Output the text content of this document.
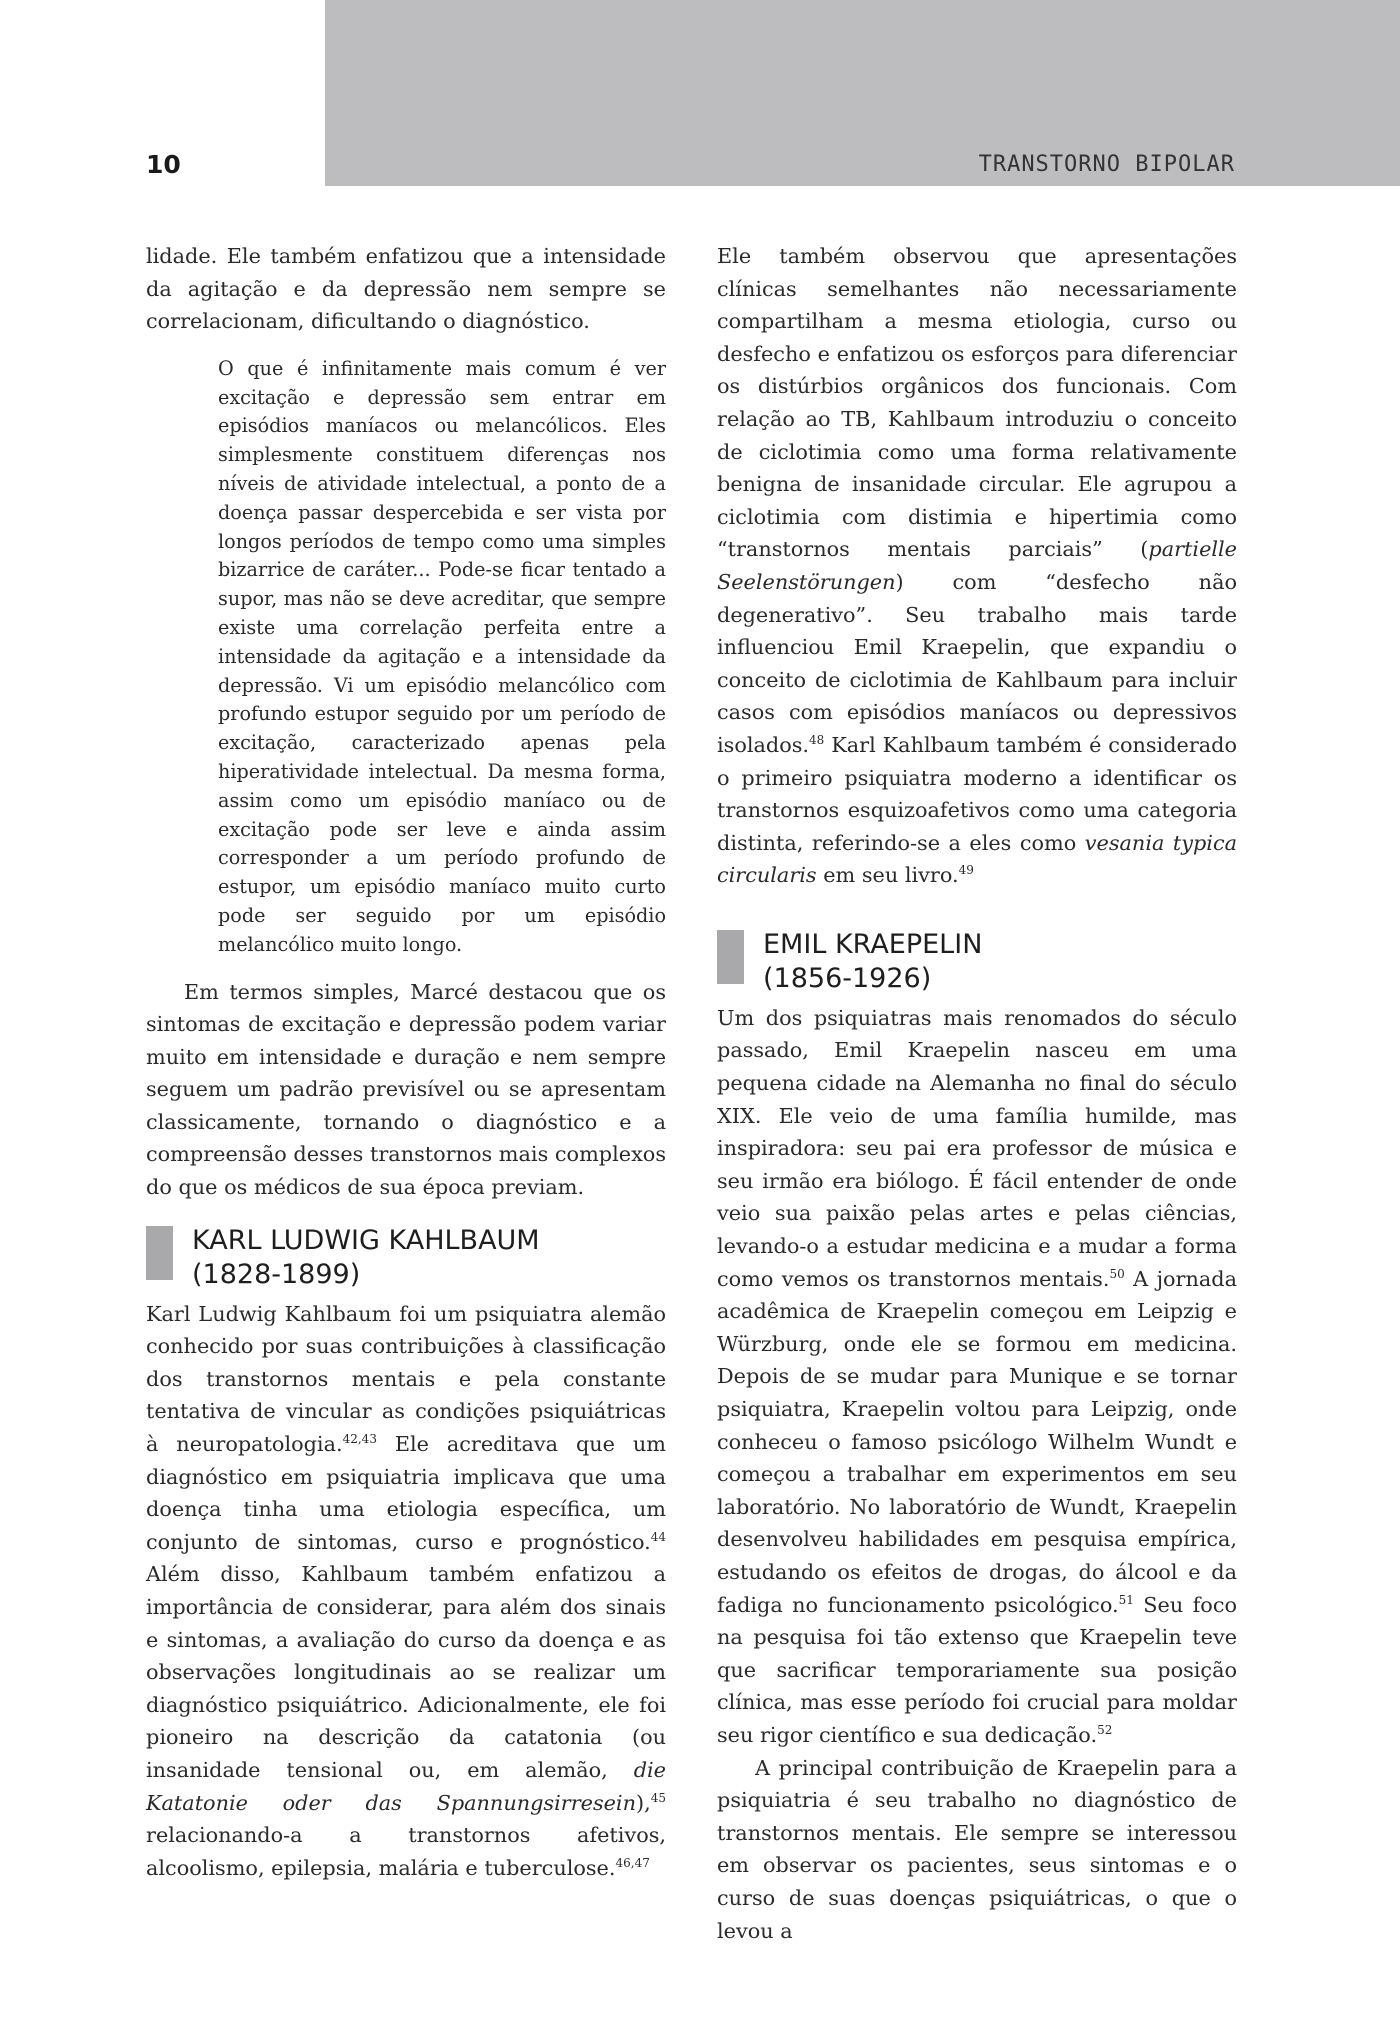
10	TRANSTORNO BIPOLAR

lidade. Ele também enfatizou que a intensidade da agitação e da depressão nem sempre se correlacionam, dificultando o diagnóstico.

O que é infinitamente mais comum é ver excitação e depressão sem entrar em episódios maníacos ou melancólicos. Eles simplesmente constituem diferenças nos níveis de atividade intelectual, a ponto de a doença passar despercebida e ser vista por longos períodos de tempo como uma simples bizarrice de caráter... Pode-se ficar tentado a supor, mas não se deve acreditar, que sempre existe uma correlação perfeita entre a intensidade da agitação e a intensidade da depressão. Vi um episódio melancólico com profundo estupor seguido por um período de excitação, caracterizado apenas pela hiperatividade intelectual. Da mesma forma, assim como um episódio maníaco ou de excitação pode ser leve e ainda assim corresponder a um período profundo de estupor, um episódio maníaco muito curto pode ser seguido por um episódio melancólico muito longo.

Em termos simples, Marcé destacou que os sintomas de excitação e depressão podem variar muito em intensidade e duração e nem sempre seguem um padrão previsível ou se apresentam classicamente, tornando o diagnóstico e a compreensão desses transtornos mais complexos do que os médicos de sua época previam.

KARL LUDWIG KAHLBAUM
(1828-1899)

Karl Ludwig Kahlbaum foi um psiquiatra alemão conhecido por suas contribuições à classificação dos transtornos mentais e pela constante tentativa de vincular as condições psiquiátricas à neuropatologia.$^{42,43}$ Ele acreditava que um diagnóstico em psiquiatria implicava que uma doença tinha uma etiologia específica, um conjunto de sintomas, curso e prognóstico.$^{44}$ Além disso, Kahlbaum também enfatizou a importância de considerar, para além dos sinais e sintomas, a avaliação do curso da doença e as observações longitudinais ao se realizar um diagnóstico psiquiátrico. Adicionalmente, ele foi pioneiro na descrição da catatonia (ou insanidade tensional ou, em alemão, die Katatonie oder das Spannungsirresein),$^{45}$ relacionando-a a transtornos afetivos, alcoolismo, epilepsia, malária e tuberculose.$^{46,47}$

Ele também observou que apresentações clínicas semelhantes não necessariamente compartilham a mesma etiologia, curso ou desfecho e enfatizou os esforços para diferenciar os distúrbios orgânicos dos funcionais. Com relação ao TB, Kahlbaum introduziu o conceito de ciclotimia como uma forma relativamente benigna de insanidade circular. Ele agrupou a ciclotimia com distimia e hipertimia como “transtornos mentais parciais” (partielle Seelenstörungen) com “desfecho não degenerativo”. Seu trabalho mais tarde influenciou Emil Kraepelin, que expandiu o conceito de ciclotimia de Kahlbaum para incluir casos com episódios maníacos ou depressivos isolados.$^{48}$ Karl Kahlbaum também é considerado o primeiro psiquiatra moderno a identificar os transtornos esquizoafetivos como uma categoria distinta, referindo-se a eles como vesania typica circularis em seu livro.$^{49}$

EMIL KRAEPELIN
(1856-1926)

Um dos psiquiatras mais renomados do século passado, Emil Kraepelin nasceu em uma pequena cidade na Alemanha no final do século XIX. Ele veio de uma família humilde, mas inspiradora: seu pai era professor de música e seu irmão era biólogo. É fácil entender de onde veio sua paixão pelas artes e pelas ciências, levando-o a estudar medicina e a mudar a forma como vemos os transtornos mentais.$^{50}$ A jornada acadêmica de Kraepelin começou em Leipzig e Würzburg, onde ele se formou em medicina. Depois de se mudar para Munique e se tornar psiquiatra, Kraepelin voltou para Leipzig, onde conheceu o famoso psicólogo Wilhelm Wundt e começou a trabalhar em experimentos em seu laboratório. No laboratório de Wundt, Kraepelin desenvolveu habilidades em pesquisa empírica, estudando os efeitos de drogas, do álcool e da fadiga no funcionamento psicológico.$^{51}$ Seu foco na pesquisa foi tão extenso que Kraepelin teve que sacrificar temporariamente sua posição clínica, mas esse período foi crucial para moldar seu rigor científico e sua dedicação.$^{52}$

A principal contribuição de Kraepelin para a psiquiatria é seu trabalho no diagnóstico de transtornos mentais. Ele sempre se interessou em observar os pacientes, seus sintomas e o curso de suas doenças psiquiátricas, o que o levou a
